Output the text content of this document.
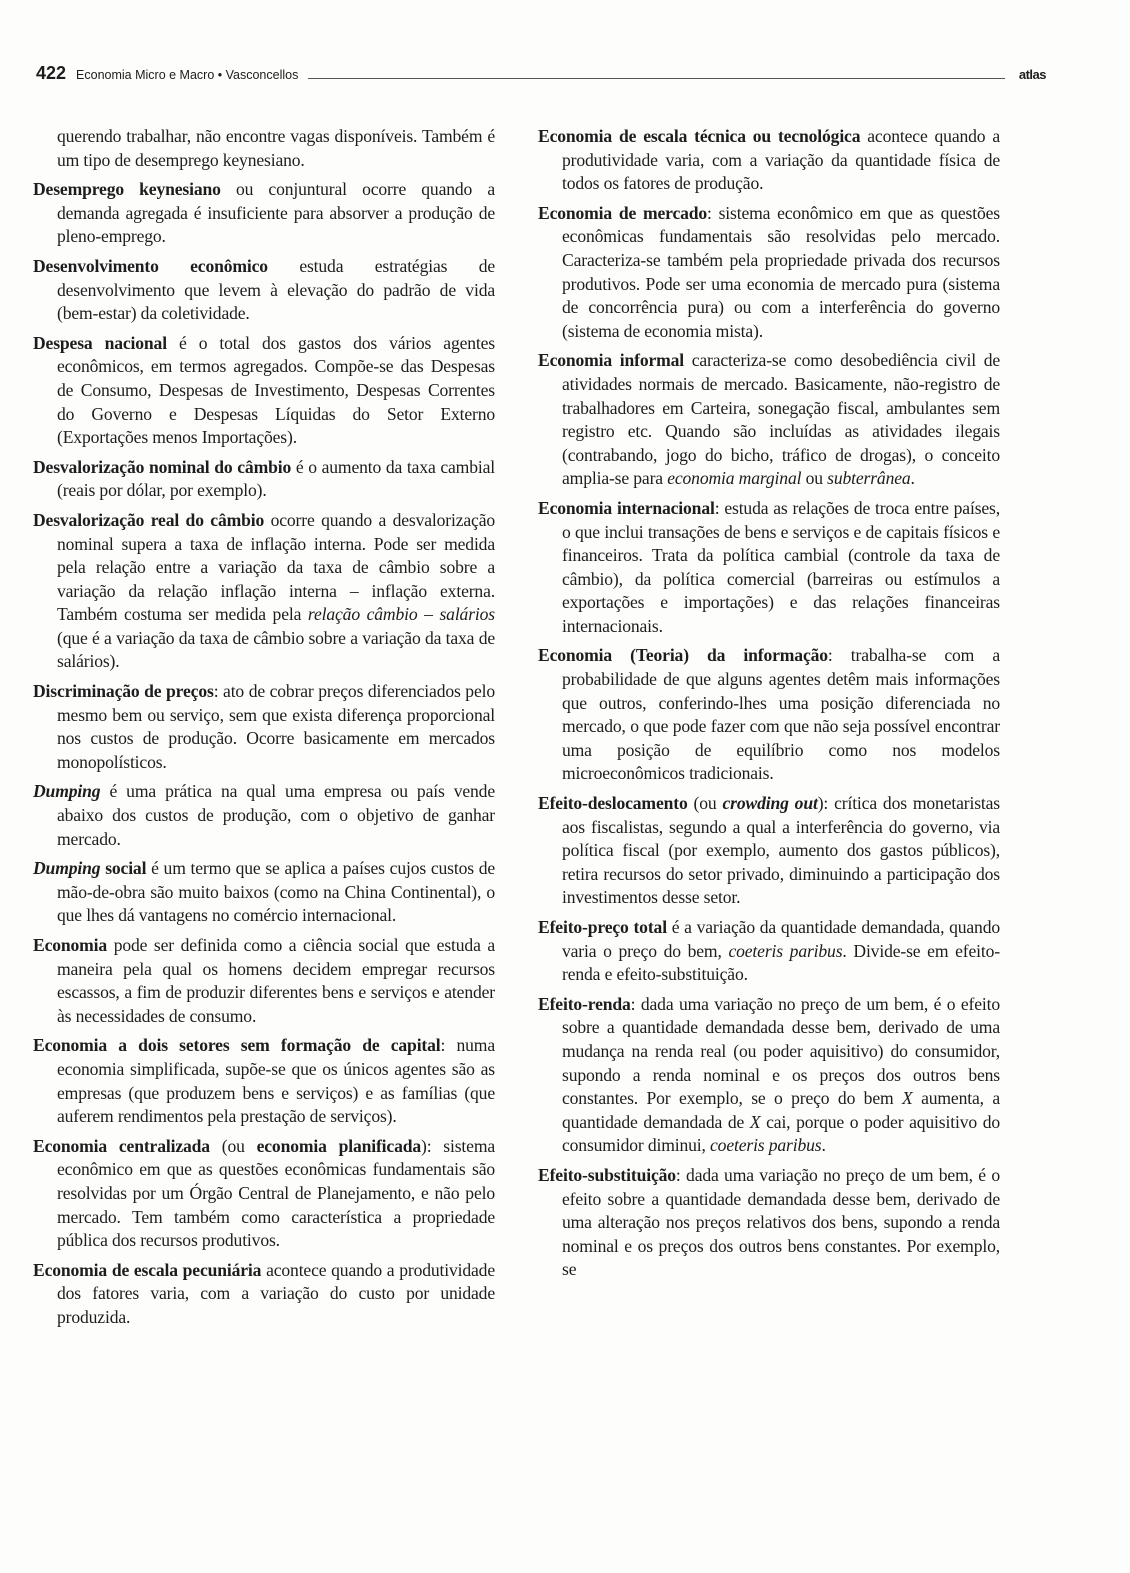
422 Economia Micro e Macro • Vasconcellos	atlas

querendo trabalhar, não encontre vagas disponíveis. Também é um tipo de desemprego keynesiano.

Desemprego keynesiano ou conjuntural ocorre quando a demanda agregada é insuficiente para absorver a produção de pleno-emprego.

Desenvolvimento econômico estuda estratégias de desenvolvimento que levem à elevação do padrão de vida (bem-estar) da coletividade.

Despesa nacional é o total dos gastos dos vários agentes econômicos, em termos agregados. Compõe-se das Despesas de Consumo, Despesas de Investimento, Despesas Correntes do Governo e Despesas Líquidas do Setor Externo (Exportações menos Importações).

Desvalorização nominal do câmbio é o aumento da taxa cambial (reais por dólar, por exemplo).

Desvalorização real do câmbio ocorre quando a desvalorização nominal supera a taxa de inflação interna. Pode ser medida pela relação entre a variação da taxa de câmbio sobre a variação da relação inflação interna – inflação externa. Também costuma ser medida pela relação câmbio – salários (que é a variação da taxa de câmbio sobre a variação da taxa de salários).

Discriminação de preços: ato de cobrar preços diferenciados pelo mesmo bem ou serviço, sem que exista diferença proporcional nos custos de produção. Ocorre basicamente em mercados monopolísticos.

Dumping é uma prática na qual uma empresa ou país vende abaixo dos custos de produção, com o objetivo de ganhar mercado.

Dumping social é um termo que se aplica a países cujos custos de mão-de-obra são muito baixos (como na China Continental), o que lhes dá vantagens no comércio internacional.

Economia pode ser definida como a ciência social que estuda a maneira pela qual os homens decidem empregar recursos escassos, a fim de produzir diferentes bens e serviços e atender às necessidades de consumo.

Economia a dois setores sem formação de capital: numa economia simplificada, supõe-se que os únicos agentes são as empresas (que produzem bens e serviços) e as famílias (que auferem rendimentos pela prestação de serviços).

Economia centralizada (ou economia planificada): sistema econômico em que as questões econômicas fundamentais são resolvidas por um Órgão Central de Planejamento, e não pelo mercado. Tem também como característica a propriedade pública dos recursos produtivos.

Economia de escala pecuniária acontece quando a produtividade dos fatores varia, com a variação do custo por unidade produzida.

Economia de escala técnica ou tecnológica acontece quando a produtividade varia, com a variação da quantidade física de todos os fatores de produção.

Economia de mercado: sistema econômico em que as questões econômicas fundamentais são resolvidas pelo mercado. Caracteriza-se também pela propriedade privada dos recursos produtivos. Pode ser uma economia de mercado pura (sistema de concorrência pura) ou com a interferência do governo (sistema de economia mista).

Economia informal caracteriza-se como desobediência civil de atividades normais de mercado. Basicamente, não-registro de trabalhadores em Carteira, sonegação fiscal, ambulantes sem registro etc. Quando são incluídas as atividades ilegais (contrabando, jogo do bicho, tráfico de drogas), o conceito amplia-se para economia marginal ou subterrânea.

Economia internacional: estuda as relações de troca entre países, o que inclui transações de bens e serviços e de capitais físicos e financeiros. Trata da política cambial (controle da taxa de câmbio), da política comercial (barreiras ou estímulos a exportações e importações) e das relações financeiras internacionais.

Economia (Teoria) da informação: trabalha-se com a probabilidade de que alguns agentes detêm mais informações que outros, conferindo-lhes uma posição diferenciada no mercado, o que pode fazer com que não seja possível encontrar uma posição de equilíbrio como nos modelos microeconômicos tradicionais.

Efeito-deslocamento (ou crowding out): crítica dos monetaristas aos fiscalistas, segundo a qual a interferência do governo, via política fiscal (por exemplo, aumento dos gastos públicos), retira recursos do setor privado, diminuindo a participação dos investimentos desse setor.

Efeito-preço total é a variação da quantidade demandada, quando varia o preço do bem, coeteris paribus. Divide-se em efeito-renda e efeito-substituição.

Efeito-renda: dada uma variação no preço de um bem, é o efeito sobre a quantidade demandada desse bem, derivado de uma mudança na renda real (ou poder aquisitivo) do consumidor, supondo a renda nominal e os preços dos outros bens constantes. Por exemplo, se o preço do bem X aumenta, a quantidade demandada de X cai, porque o poder aquisitivo do consumidor diminui, coeteris paribus.

Efeito-substituição: dada uma variação no preço de um bem, é o efeito sobre a quantidade demandada desse bem, derivado de uma alteração nos preços relativos dos bens, supondo a renda nominal e os preços dos outros bens constantes. Por exemplo, se
